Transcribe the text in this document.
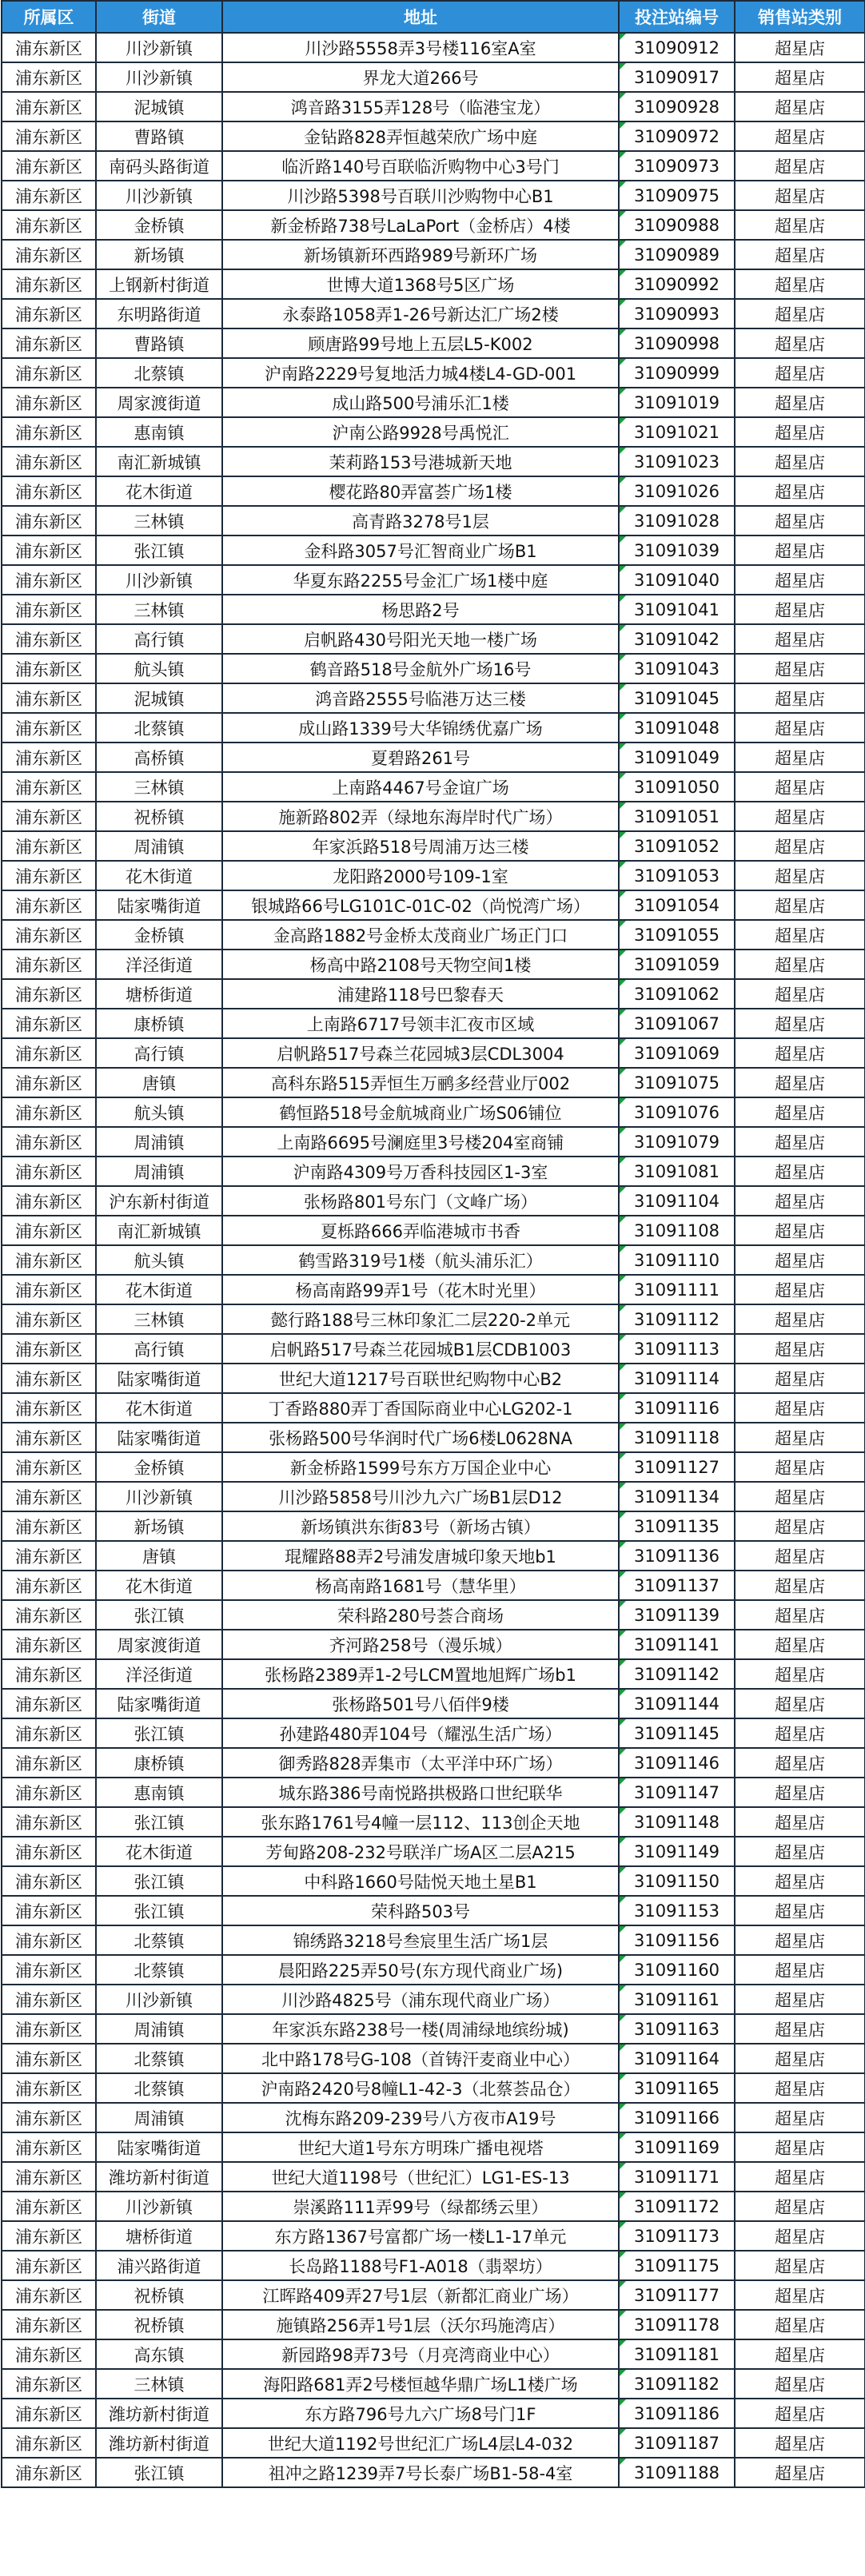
所属区	街道	地址	投注站编号	销售站类别
浦东新区	川沙新镇	川沙路5558弄3号楼116室A室	31090912	超星店
浦东新区	川沙新镇	界龙大道266号	31090917	超星店
浦东新区	泥城镇	鸿音路3155弄128号（临港宝龙）	31090928	超星店
浦东新区	曹路镇	金钻路828弄恒越荣欣广场中庭	31090972	超星店
浦东新区	南码头路街道	临沂路140号百联临沂购物中心3号门	31090973	超星店
浦东新区	川沙新镇	川沙路5398号百联川沙购物中心B1	31090975	超星店
浦东新区	金桥镇	新金桥路738号LaLaPort（金桥店）4楼	31090988	超星店
浦东新区	新场镇	新场镇新环西路989号新环广场	31090989	超星店
浦东新区	上钢新村街道	世博大道1368号5区广场	31090992	超星店
浦东新区	东明路街道	永泰路1058弄1-26号新达汇广场2楼	31090993	超星店
浦东新区	曹路镇	顾唐路99号地上五层L5-K002	31090998	超星店
浦东新区	北蔡镇	沪南路2229号复地活力城4楼L4-GD-001	31090999	超星店
浦东新区	周家渡街道	成山路500号浦乐汇1楼	31091019	超星店
浦东新区	惠南镇	沪南公路9928号禹悦汇	31091021	超星店
浦东新区	南汇新城镇	茉莉路153号港城新天地	31091023	超星店
浦东新区	花木街道	樱花路80弄富荟广场1楼	31091026	超星店
浦东新区	三林镇	高青路3278号1层	31091028	超星店
浦东新区	张江镇	金科路3057号汇智商业广场B1	31091039	超星店
浦东新区	川沙新镇	华夏东路2255号金汇广场1楼中庭	31091040	超星店
浦东新区	三林镇	杨思路2号	31091041	超星店
浦东新区	高行镇	启帆路430号阳光天地一楼广场	31091042	超星店
浦东新区	航头镇	鹤音路518号金航外广场16号	31091043	超星店
浦东新区	泥城镇	鸿音路2555号临港万达三楼	31091045	超星店
浦东新区	北蔡镇	成山路1339号大华锦绣优嘉广场	31091048	超星店
浦东新区	高桥镇	夏碧路261号	31091049	超星店
浦东新区	三林镇	上南路4467号金谊广场	31091050	超星店
浦东新区	祝桥镇	施新路802弄（绿地东海岸时代广场）	31091051	超星店
浦东新区	周浦镇	年家浜路518号周浦万达三楼	31091052	超星店
浦东新区	花木街道	龙阳路2000号109-1室	31091053	超星店
浦东新区	陆家嘴街道	银城路66号LG101C-01C-02（尚悦湾广场）	31091054	超星店
浦东新区	金桥镇	金高路1882号金桥太茂商业广场正门口	31091055	超星店
浦东新区	洋泾街道	杨高中路2108号天物空间1楼	31091059	超星店
浦东新区	塘桥街道	浦建路118号巴黎春天	31091062	超星店
浦东新区	康桥镇	上南路6717号领丰汇夜市区域	31091067	超星店
浦东新区	高行镇	启帆路517号森兰花园城3层CDL3004	31091069	超星店
浦东新区	唐镇	高科东路515弄恒生万鹂多经营业厅002	31091075	超星店
浦东新区	航头镇	鹤恒路518号金航城商业广场S06铺位	31091076	超星店
浦东新区	周浦镇	上南路6695号澜庭里3号楼204室商铺	31091079	超星店
浦东新区	周浦镇	沪南路4309号万香科技园区1-3室	31091081	超星店
浦东新区	沪东新村街道	张杨路801号东门（文峰广场）	31091104	超星店
浦东新区	南汇新城镇	夏栎路666弄临港城市书香	31091108	超星店
浦东新区	航头镇	鹤雪路319号1楼（航头浦乐汇）	31091110	超星店
浦东新区	花木街道	杨高南路99弄1号（花木时光里）	31091111	超星店
浦东新区	三林镇	懿行路188号三林印象汇二层220-2单元	31091112	超星店
浦东新区	高行镇	启帆路517号森兰花园城B1层CDB1003	31091113	超星店
浦东新区	陆家嘴街道	世纪大道1217号百联世纪购物中心B2	31091114	超星店
浦东新区	花木街道	丁香路880弄丁香国际商业中心LG202-1	31091116	超星店
浦东新区	陆家嘴街道	张杨路500号华润时代广场6楼L0628NA	31091118	超星店
浦东新区	金桥镇	新金桥路1599号东方万国企业中心	31091127	超星店
浦东新区	川沙新镇	川沙路5858号川沙九六广场B1层D12	31091134	超星店
浦东新区	新场镇	新场镇洪东街83号（新场古镇）	31091135	超星店
浦东新区	唐镇	琨耀路88弄2号浦发唐城印象天地b1	31091136	超星店
浦东新区	花木街道	杨高南路1681号（慧华里）	31091137	超星店
浦东新区	张江镇	荣科路280号荟合商场	31091139	超星店
浦东新区	周家渡街道	齐河路258号（漫乐城）	31091141	超星店
浦东新区	洋泾街道	张杨路2389弄1-2号LCM置地旭辉广场b1	31091142	超星店
浦东新区	陆家嘴街道	张杨路501号八佰伴9楼	31091144	超星店
浦东新区	张江镇	孙建路480弄104号（耀泓生活广场）	31091145	超星店
浦东新区	康桥镇	御秀路828弄集市（太平洋中环广场）	31091146	超星店
浦东新区	惠南镇	城东路386号南悦路拱极路口世纪联华	31091147	超星店
浦东新区	张江镇	张东路1761号4幢一层112、113创企天地	31091148	超星店
浦东新区	花木街道	芳甸路208-232号联洋广场A区二层A215	31091149	超星店
浦东新区	张江镇	中科路1660号陆悦天地土星B1	31091150	超星店
浦东新区	张江镇	荣科路503号	31091153	超星店
浦东新区	北蔡镇	锦绣路3218号叁宸里生活广场1层	31091156	超星店
浦东新区	北蔡镇	晨阳路225弄50号(东方现代商业广场)	31091160	超星店
浦东新区	川沙新镇	川沙路4825号（浦东现代商业广场）	31091161	超星店
浦东新区	周浦镇	年家浜东路238号一楼(周浦绿地缤纷城)	31091163	超星店
浦东新区	北蔡镇	北中路178号G-108（首铸汗麦商业中心）	31091164	超星店
浦东新区	北蔡镇	沪南路2420号8幢L1-42-3（北蔡荟品仓）	31091165	超星店
浦东新区	周浦镇	沈梅东路209-239号八方夜市A19号	31091166	超星店
浦东新区	陆家嘴街道	世纪大道1号东方明珠广播电视塔	31091169	超星店
浦东新区	潍坊新村街道	世纪大道1198号（世纪汇）LG1-ES-13	31091171	超星店
浦东新区	川沙新镇	崇溪路111弄99号（绿都绣云里）	31091172	超星店
浦东新区	塘桥街道	东方路1367号富都广场一楼L1-17单元	31091173	超星店
浦东新区	浦兴路街道	长岛路1188号F1-A018（翡翠坊）	31091175	超星店
浦东新区	祝桥镇	江晖路409弄27号1层（新都汇商业广场）	31091177	超星店
浦东新区	祝桥镇	施镇路256弄1号1层（沃尔玛施湾店）	31091178	超星店
浦东新区	高东镇	新园路98弄73号（月亮湾商业中心）	31091181	超星店
浦东新区	三林镇	海阳路681弄2号楼恒越华鼎广场L1楼广场	31091182	超星店
浦东新区	潍坊新村街道	东方路796号九六广场8号门1F	31091186	超星店
浦东新区	潍坊新村街道	世纪大道1192号世纪汇广场L4层L4-032	31091187	超星店
浦东新区	张江镇	祖冲之路1239弄7号长泰广场B1-58-4室	31091188	超星店
